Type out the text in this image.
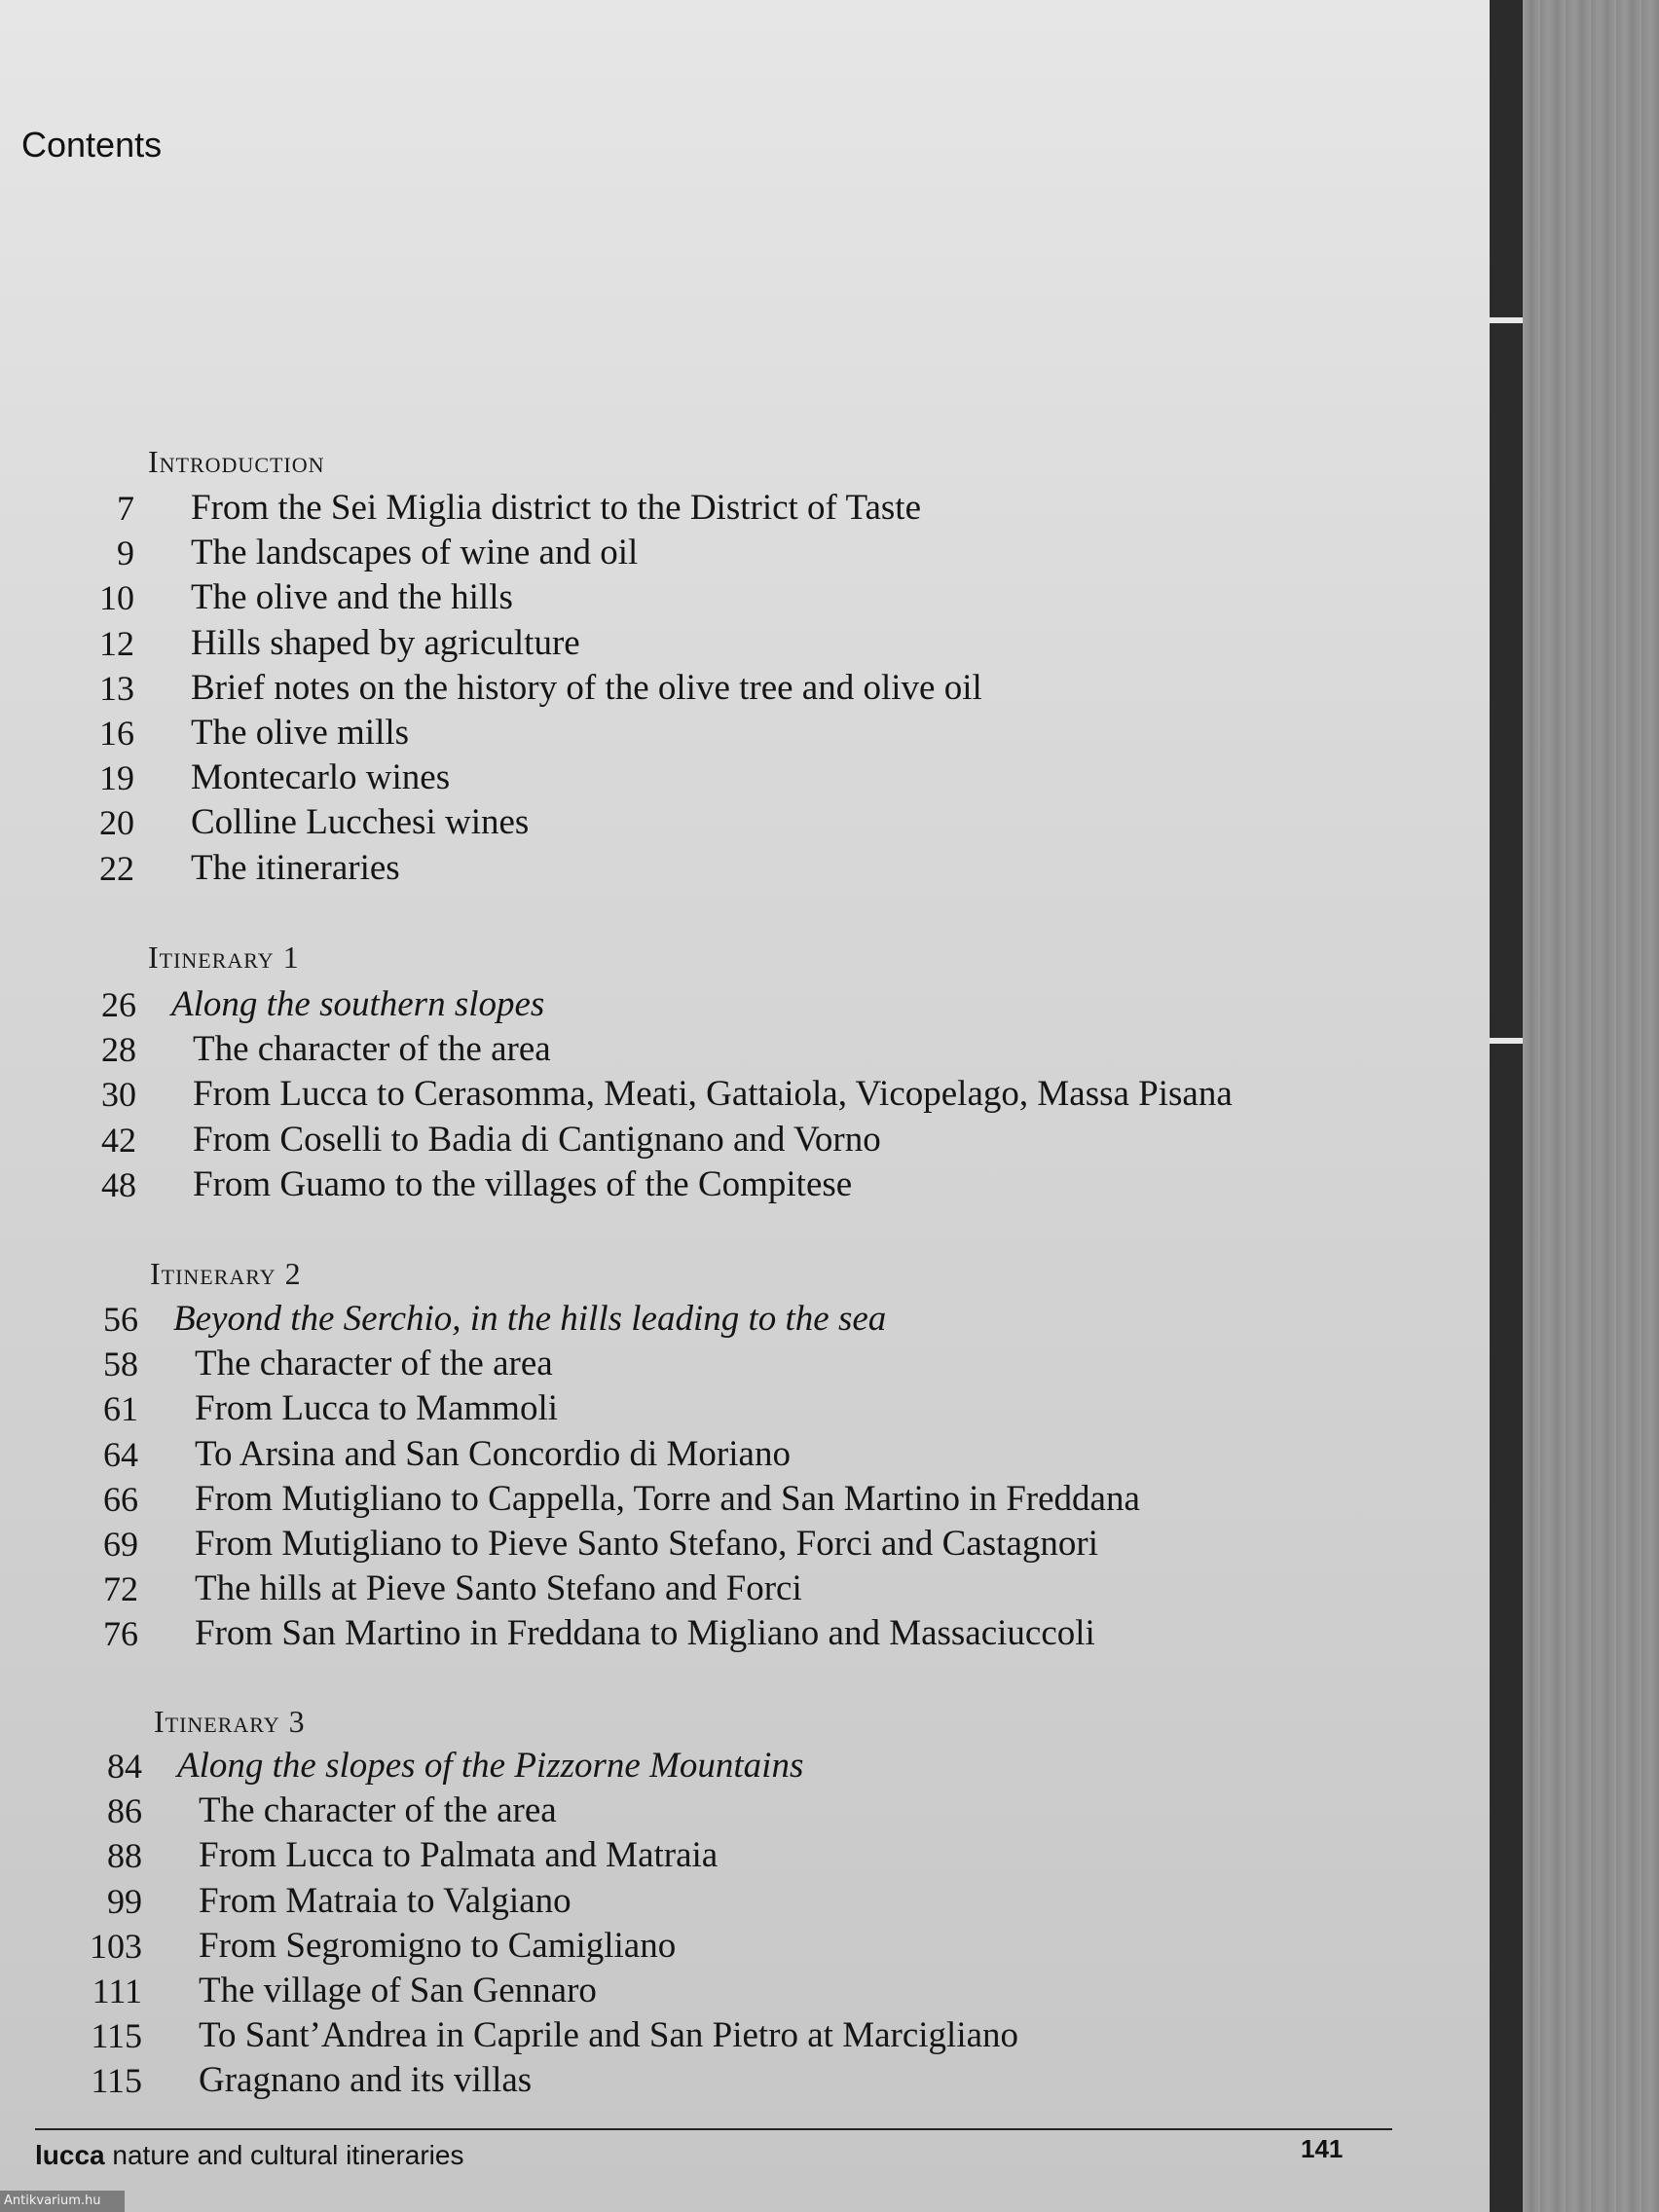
Contents
Introduction
7 From the Sei Miglia district to the District of Taste
9 The landscapes of wine and oil
10 The olive and the hills
12 Hills shaped by agriculture
13 Brief notes on the history of the olive tree and olive oil
16 The olive mills
19 Montecarlo wines
20 Colline Lucchesi wines
22 The itineraries
Itinerary 1
26 Along the southern slopes
28 The character of the area
30 From Lucca to Cerasomma, Meati, Gattaiola, Vicopelago, Massa Pisana
42 From Coselli to Badia di Cantignano and Vorno
48 From Guamo to the villages of the Compitese
Itinerary 2
56 Beyond the Serchio, in the hills leading to the sea
58 The character of the area
61 From Lucca to Mammoli
64 To Arsina and San Concordio di Moriano
66 From Mutigliano to Cappella, Torre and San Martino in Freddana
69 From Mutigliano to Pieve Santo Stefano, Forci and Castagnori
72 The hills at Pieve Santo Stefano and Forci
76 From San Martino in Freddana to Migliano and Massaciuccoli
Itinerary 3
84 Along the slopes of the Pizzorne Mountains
86 The character of the area
88 From Lucca to Palmata and Matraia
99 From Matraia to Valgiano
103 From Segromigno to Camigliano
111 The village of San Gennaro
115 To Sant’Andrea in Caprile and San Pietro at Marcigliano
115 Gragnano and its villas
lucca nature and cultural itineraries	141
Antikvarium.hu
